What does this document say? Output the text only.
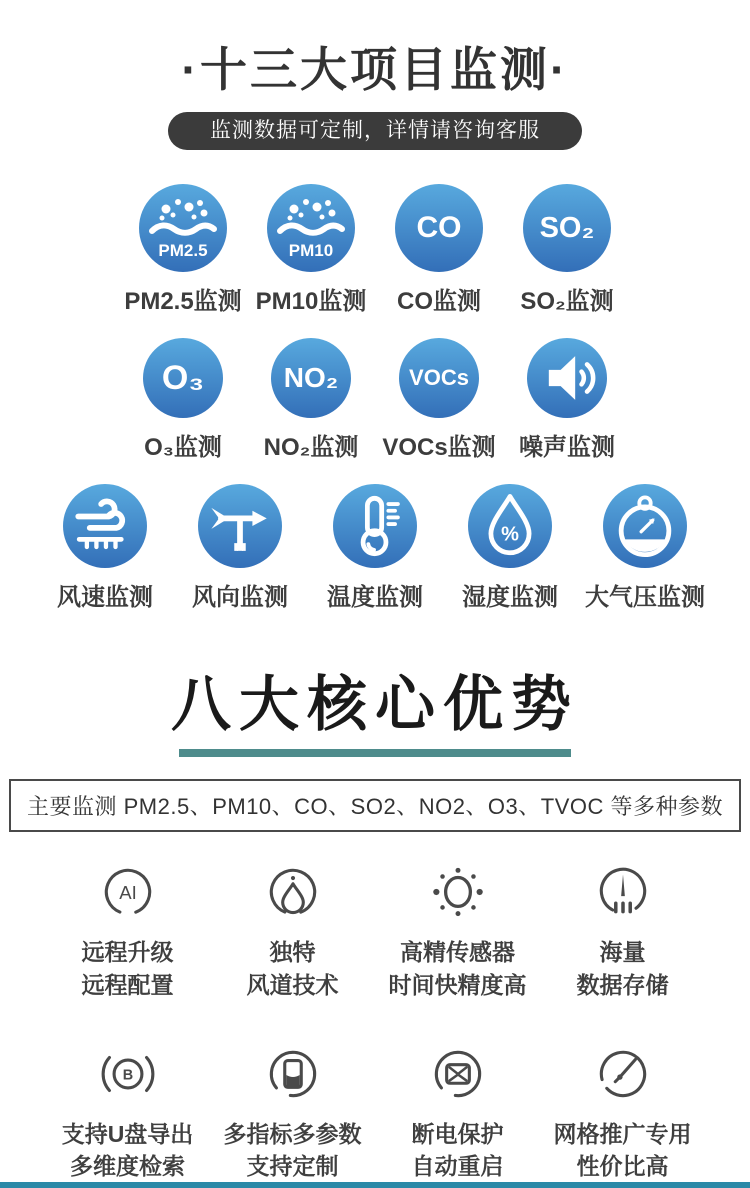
·十三大项目监测·
监测数据可定制，详情请咨询客服
PM2.5
PM2.5监测
PM10
PM10监测
CO
CO监测
SO₂
SO₂监测
O₃
O₃监测
NO₂
NO₂监测
VOCs
VOCs监测 噪声监测
风速监测 风向监测 温度监测
%
湿度监测 大气压监测
八大核心优势
主要监测 PM2.5、PM10、CO、SO2、NO2、O3、TVOC 等多种参数
AI
远程升级
远程配置
独特
风道技术
高精传感器
时间快精度高
海量
数据存储
B
支持U盘导出
多维度检索
多指标多参数
支持定制
断电保护
自动重启
网格推广专用
性价比高
